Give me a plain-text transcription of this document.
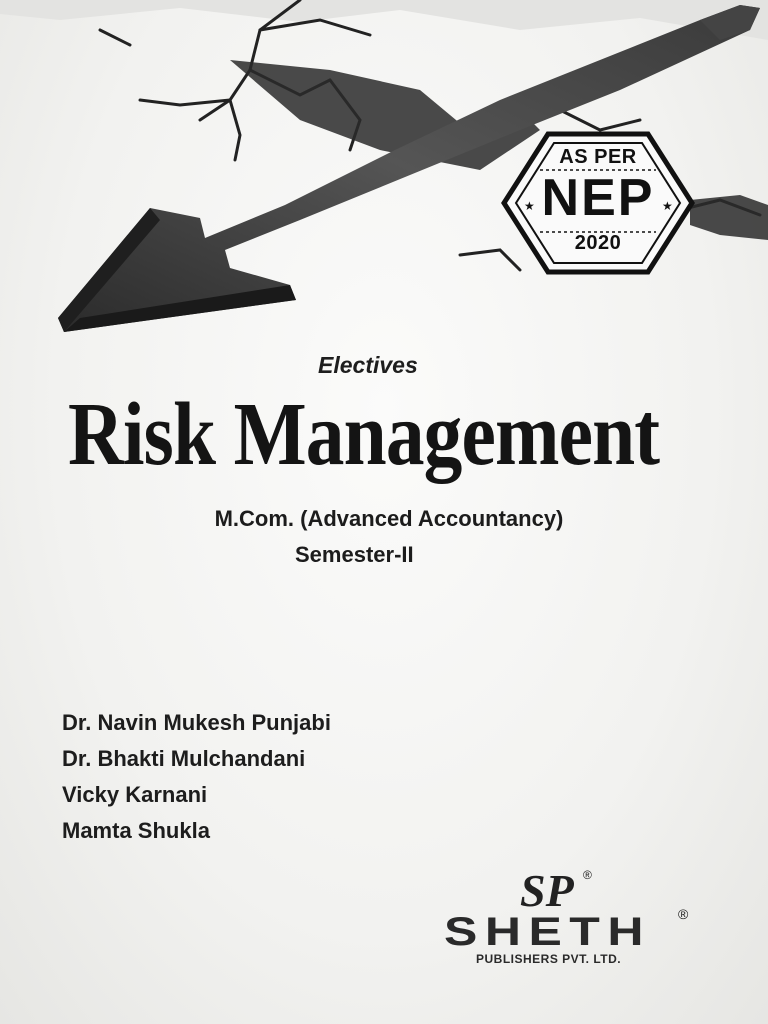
★	★
AS PER
NEP
2020
Electives
Risk Management
M.Com. (Advanced Accountancy)
Semester-II
Dr. Navin Mukesh Punjabi
Dr. Bhakti Mulchandani
Vicky Karnani
Mamta Shukla
SP ®
SHETH ®
PUBLISHERS PVT. LTD.
